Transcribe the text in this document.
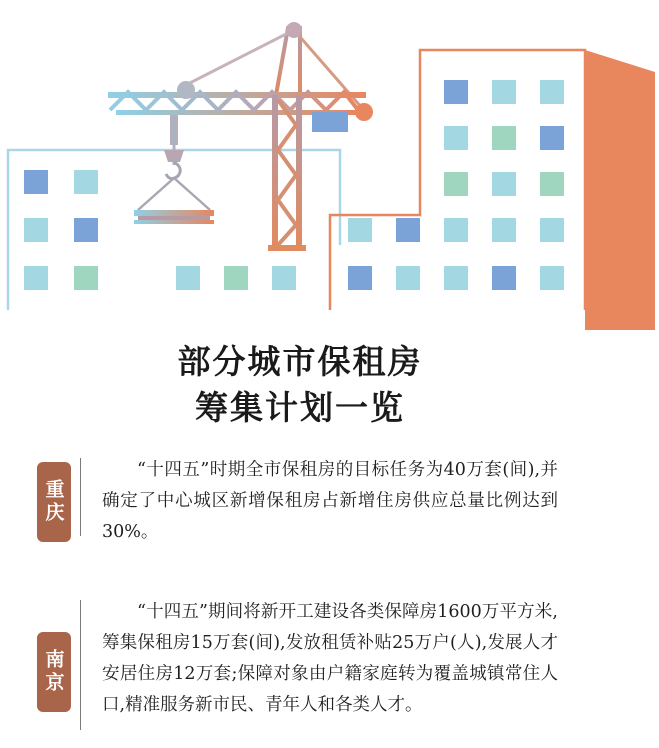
部分城市保租房
筹集计划一览
重庆
“十四五”时期全市保租房的目标任务为40万套(间),并确定了中心城区新增保租房占新增住房供应总量比例达到30%。
南京
“十四五”期间将新开工建设各类保障房1600万平方米,筹集保租房15万套(间),发放租赁补贴25万户(人),发展人才安居住房12万套;保障对象由户籍家庭转为覆盖城镇常住人口,精准服务新市民、青年人和各类人才。
